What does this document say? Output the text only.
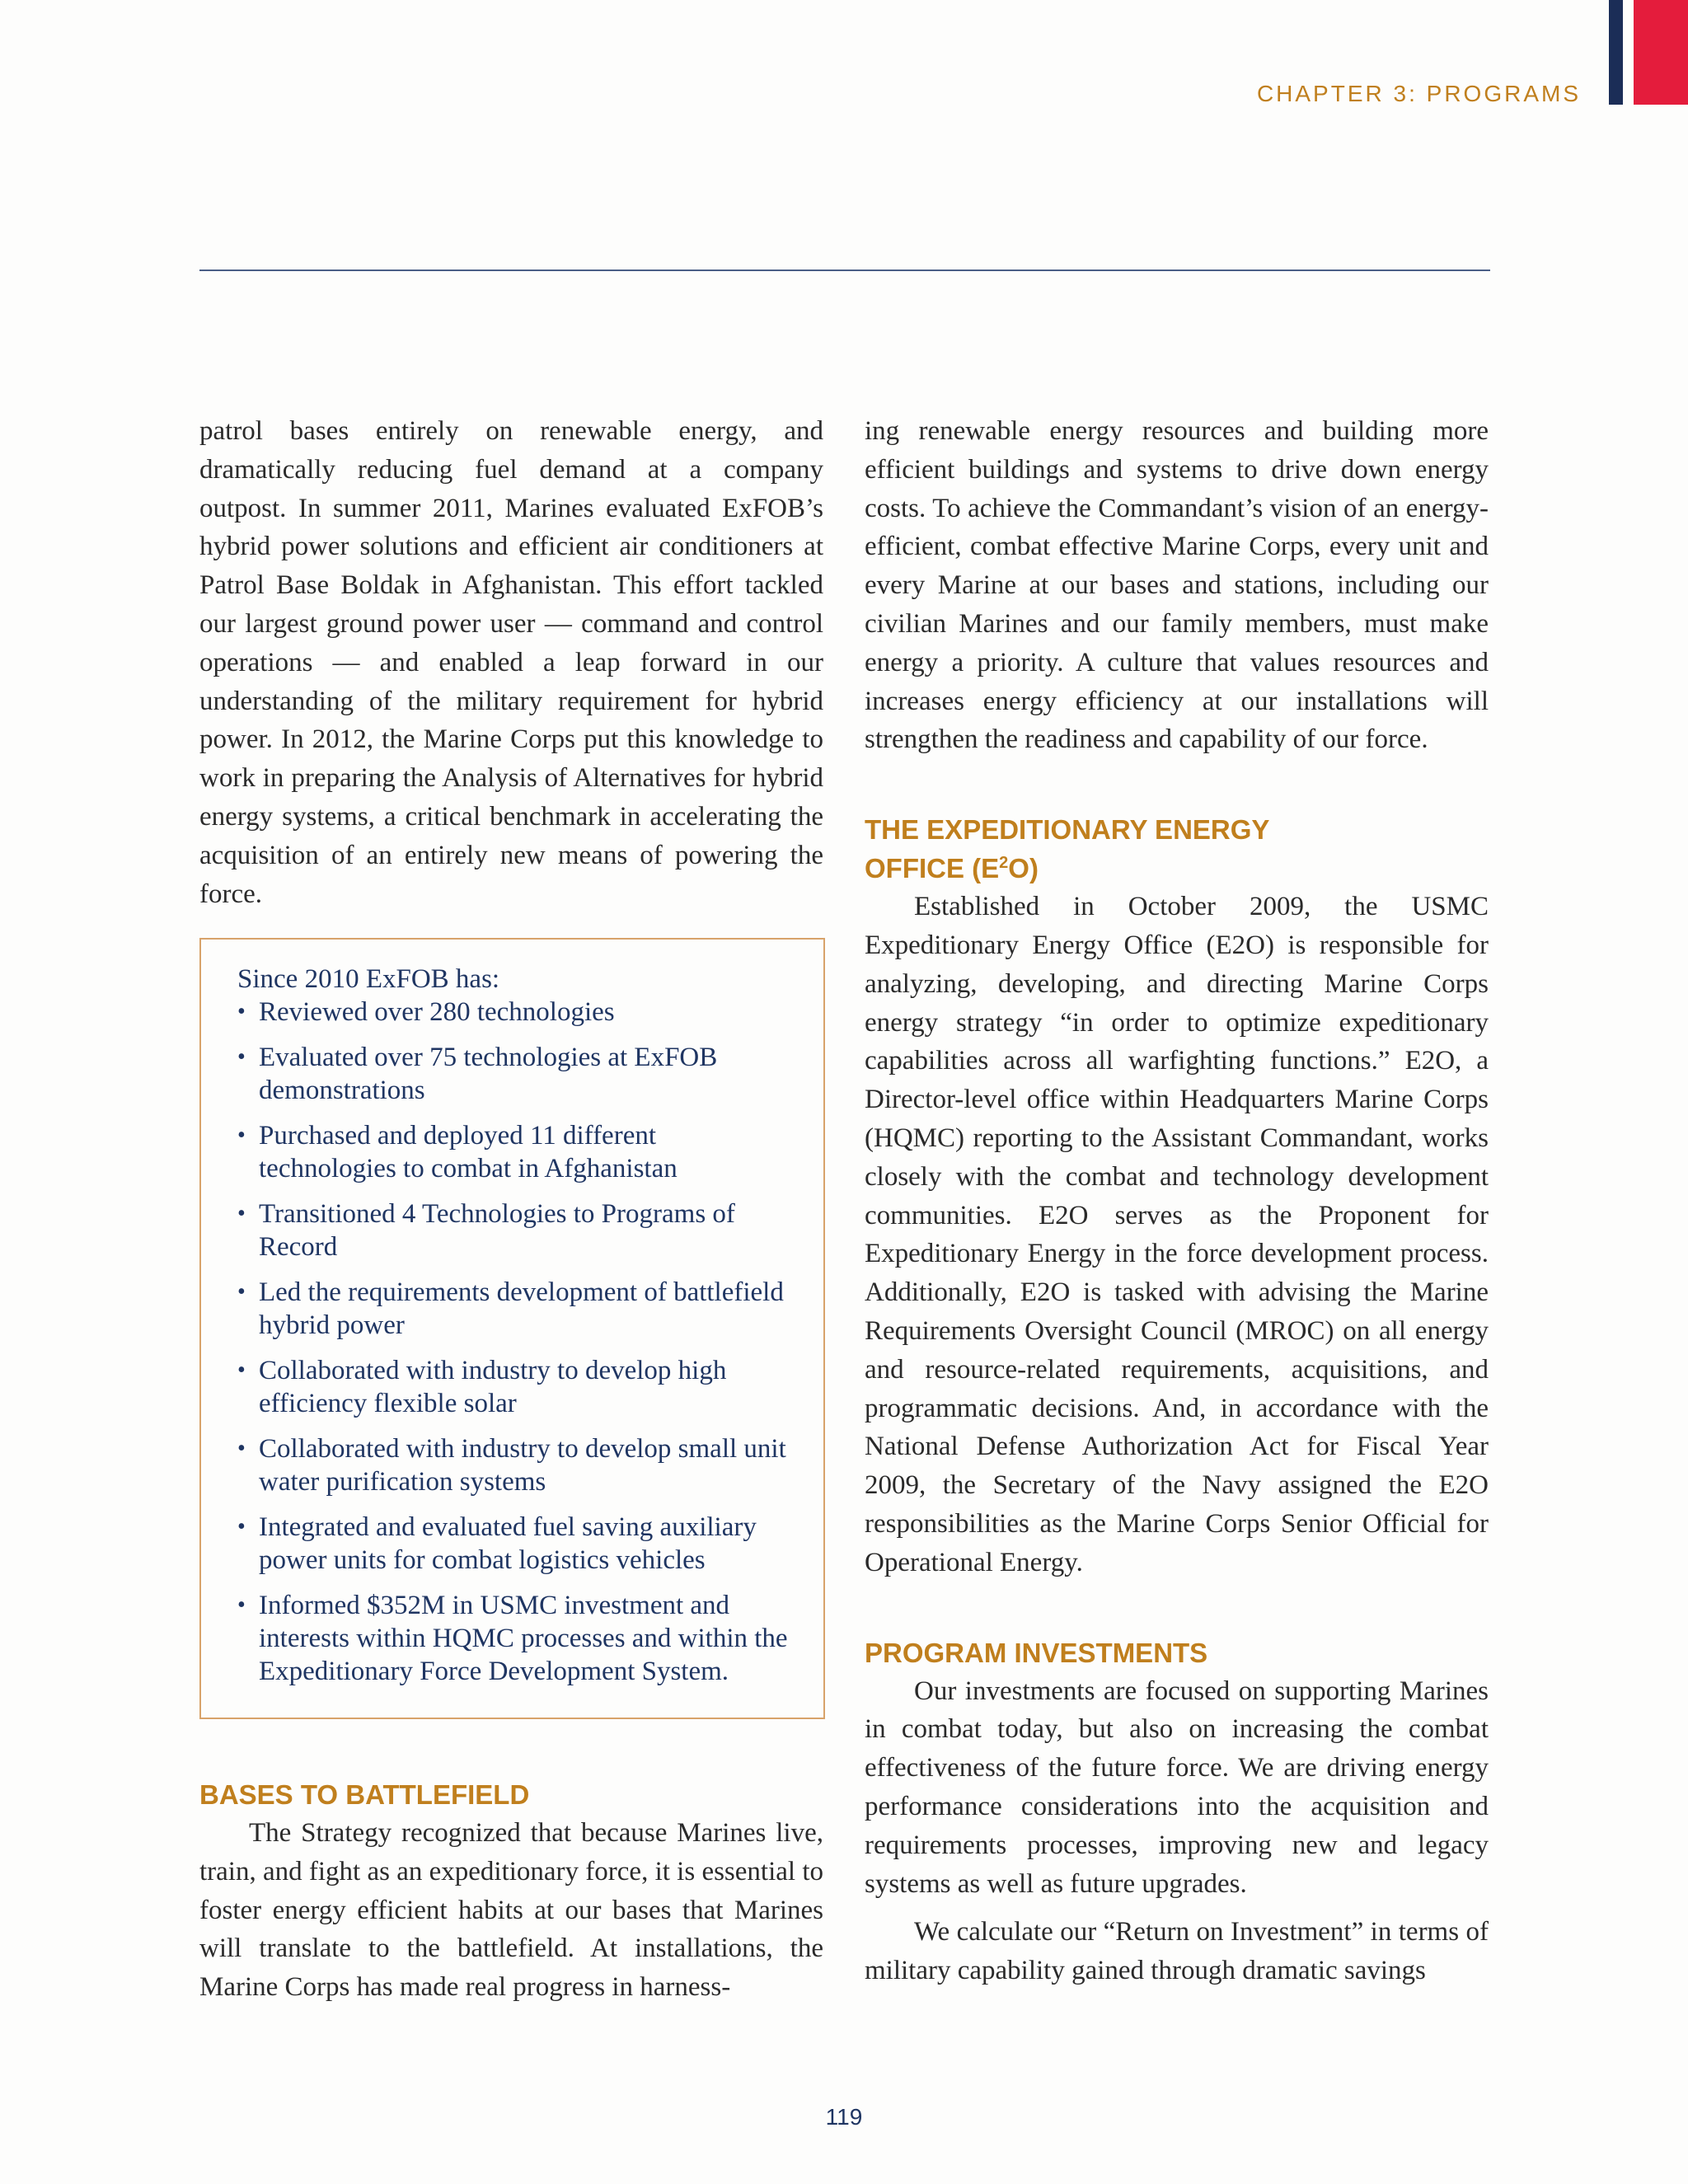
CHAPTER 3: PROGRAMS

patrol bases entirely on renewable energy, and dramatically reducing fuel demand at a company outpost. In summer 2011, Marines evaluated ExFOB’s hybrid power solutions and efficient air conditioners at Patrol Base Boldak in Afghanistan. This effort tackled our largest ground power user — command and control operations — and enabled a leap forward in our understanding of the military requirement for hybrid power. In 2012, the Marine Corps put this knowledge to work in preparing the Analysis of Alternatives for hybrid energy systems, a critical benchmark in accelerating the acquisition of an entirely new means of powering the force.

Since 2010 ExFOB has:

• Reviewed over 280 technologies
• Evaluated over 75 technologies at ExFOB demonstrations
• Purchased and deployed 11 different technologies to combat in Afghanistan
• Transitioned 4 Technologies to Programs of Record
• Led the requirements development of battlefield hybrid power
• Collaborated with industry to develop high efficiency flexible solar
• Collaborated with industry to develop small unit water purification systems
• Integrated and evaluated fuel saving auxiliary power units for combat logistics vehicles
• Informed $352M in USMC investment and interests within HQMC processes and within the Expeditionary Force Development System.
BASES TO BATTLEFIELD

The Strategy recognized that because Marines live, train, and fight as an expeditionary force, it is essential to foster energy efficient habits at our bases that Marines will translate to the battlefield. At installations, the Marine Corps has made real progress in harness-

ing renewable energy resources and building more efficient buildings and systems to drive down energy costs. To achieve the Commandant’s vision of an energy-efficient, combat effective Marine Corps, every unit and every Marine at our bases and stations, including our civilian Marines and our family members, must make energy a priority. A culture that values resources and increases energy efficiency at our installations will strengthen the readiness and capability of our force.

THE EXPEDITIONARY ENERGY
OFFICE $(E^2O)$

Established in October 2009, the USMC Expeditionary Energy Office (E2O) is responsible for analyzing, developing, and directing Marine Corps energy strategy “in order to optimize expeditionary capabilities across all warfighting functions.” E2O, a Director-level office within Headquarters Marine Corps (HQMC) reporting to the Assistant Commandant, works closely with the combat and technology development communities. E2O serves as the Proponent for Expeditionary Energy in the force development process. Additionally, E2O is tasked with advising the Marine Requirements Oversight Council (MROC) on all energy and resource-related requirements, acquisitions, and programmatic decisions. And, in accordance with the National Defense Authorization Act for Fiscal Year 2009, the Secretary of the Navy assigned the E2O responsibilities as the Marine Corps Senior Official for Operational Energy.

PROGRAM INVESTMENTS

Our investments are focused on supporting Marines in combat today, but also on increasing the combat effectiveness of the future force. We are driving energy performance considerations into the acquisition and requirements processes, improving new and legacy systems as well as future upgrades.

We calculate our “Return on Investment” in terms of military capability gained through dramatic savings

119
